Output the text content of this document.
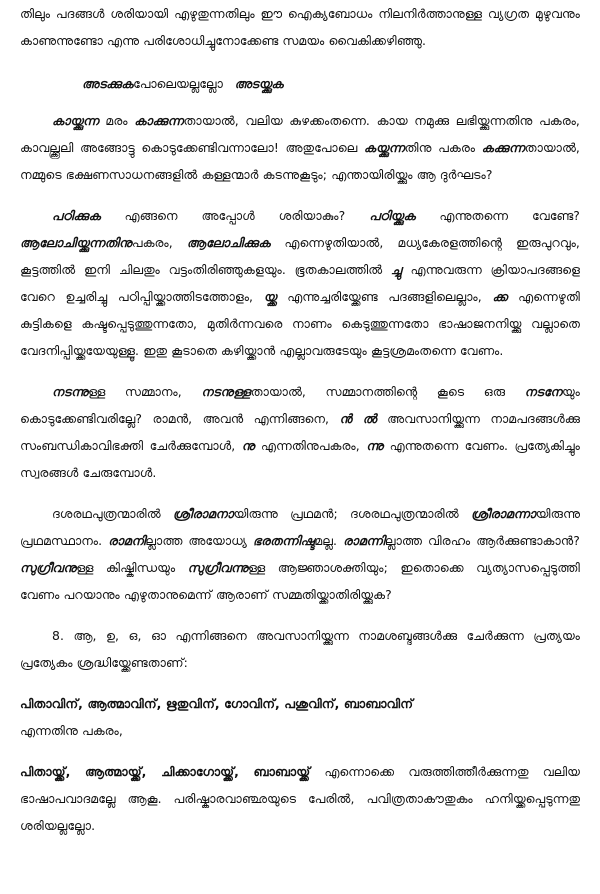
തിലും പദങ്ങൾ ശരിയായി എഴുതുന്നതിലും ഈ ഐക്യബോധം നിലനിർത്താനുള്ള വ്യഗ്രത മുഴുവനും കാണുന്നുണ്ടോ എന്നു പരിശോധിച്ചുനോക്കേണ്ട സമയം വൈകിക്കഴിഞ്ഞു.

അടക്കുകപോലെയല്ലല്ലോ അടയ്ക്കുക

കായ്ക്കുന്ന മരം കാക്കുന്നതായാൽ, വലിയ കുഴക്കംതന്നെ. കായ നമുക്കു ലഭിയ്ക്കുന്നതിനു പകരം, കാവല്ക്കൂലി അങ്ങോട്ടു കൊടുക്കേണ്ടിവന്നാലോ! അതുപോലെ കയ്ക്കുന്നതിനു പകരം കക്കുന്നതായാൽ, നമ്മുടെ ഭക്ഷണസാധനങ്ങളിൽ കള്ളന്മാർ കടന്നുകൂടും; എന്തായിരിയ്ക്കും ആ ദുർഘടം?

പഠിക്കുക എങ്ങനെ അപ്പോൾ ശരിയാകും? പഠിയ്ക്കുക എന്നുതന്നെ വേണ്ടേ? ആലോചിയ്ക്കുന്നതിനുപകരം, ആലോചിക്കുക എന്നെഴുതിയാൽ, മധ്യകേരളത്തിന്റെ ഇരുപുറവും, കൂട്ടത്തിൽ ഇനി ചിലതും വട്ടംതിരിഞ്ഞുകളയും. ഭൂതകാലത്തിൽ ച്ചു എന്നുവരുന്ന ക്രിയാപദങ്ങളെ വേറെ ഉച്ചരിച്ചു പഠിപ്പിയ്ക്കാത്തിടത്തോളം, യ്ക്ക എന്നുച്ചരിയ്ക്കേണ്ട പദങ്ങളിലെല്ലാം, ക്ക എന്നെഴുതി കുട്ടികളെ കഷ്ടപ്പെടുത്തുന്നതോ, മുതിർന്നവരെ നാണം കെടുത്തുന്നതോ ഭാഷാജനനിയ്ക്കു വല്ലാതെ വേദനിപ്പിയ്ക്കയേയുള്ളൂ. ഇതു കൂടാതെ കഴിയ്ക്കാൻ എല്ലാവരുടേയും കൂട്ടശ്രമംതന്നെ വേണം.

നടന്നുള്ള സമ്മാനം, നടനുള്ളതായാൽ, സമ്മാനത്തിന്റെ കൂടെ ഒരു നടനേയും കൊടുക്കേണ്ടിവരില്ലേ? രാമൻ, അവൻ എന്നിങ്ങനെ, ൻ ൽ അവസാനിയ്ക്കുന്ന നാമപദങ്ങൾക്കു സംബന്ധികാവിഭക്തി ചേർക്കുമ്പോൾ, നു എന്നതിനുപകരം, ന്നു എന്നുതന്നെ വേണം. പ്രത്യേകിച്ചും സ്വരങ്ങൾ ചേരുമ്പോൾ.

ദശരഥപുത്രന്മാരിൽ ശ്രീരാമനായിരുന്നു പ്രഥമൻ; ദശരഥപുത്രന്മാരിൽ ശ്രീരാമന്നായിരുന്നു പ്രഥമസ്ഥാനം. രാമനില്ലാത്ത അയോധ്യ ഭരതന്നിഷ്ടമല്ല. രാമന്നില്ലാത്ത വിരഹം ആർക്കുണ്ടാകാൻ? സുഗ്രീവനുള്ള കിഷ്കിന്ധയും സുഗ്രീവന്നുള്ള ആജ്ഞാശക്തിയും; ഇതൊക്കെ വ്യത്യാസപ്പെടുത്തി വേണം പറയാനും എഴുതാനുമെന്ന് ആരാണ് സമ്മതിയ്ക്കാതിരിയ്ക്കുക?

8. ആ, ഉ, ഒ, ഓ എന്നിങ്ങനെ അവസാനിയ്ക്കുന്ന നാമശബ്ദങ്ങൾക്കു ചേർക്കുന്ന പ്രത്യയം പ്രത്യേകം ശ്രദ്ധിയ്ക്കേണ്ടതാണ്:

പിതാവിന്, ആത്മാവിന്, ഋതുവിന്, ഗോവിന്, പശുവിന്, ബാബാവിന്
എന്നതിനു പകരം,

പിതായ്ക്ക്, ആത്മായ്ക്ക്, ചിക്കാഗോയ്ക്ക്, ബാബായ്ക്ക് എന്നൊക്കെ വരുത്തിത്തീർക്കുന്നതു വലിയ ഭാഷാപവാദമല്ലേ ആകൂ. പരിഷ്കാരവാഞ്ഛയുടെ പേരിൽ, പവിത്രതാകൗതുകം ഹനിയ്ക്കപ്പെടുന്നതു ശരിയല്ലല്ലോ.
